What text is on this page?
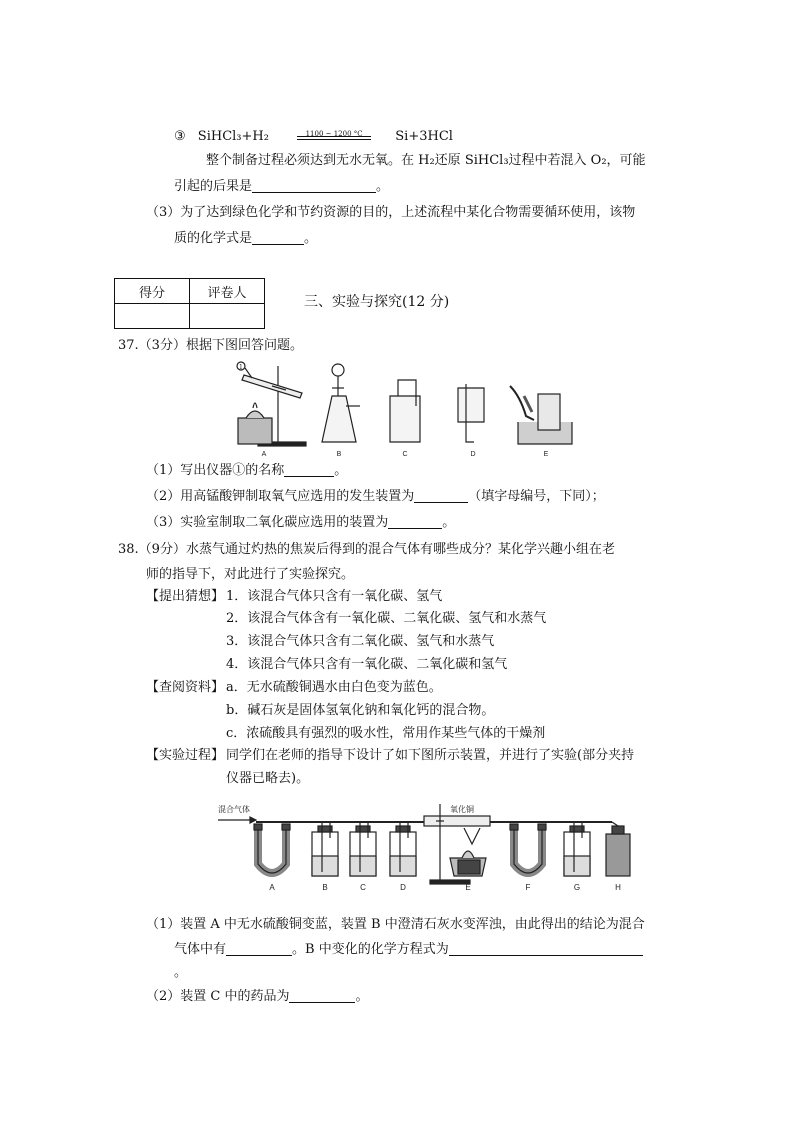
③ SiHCl₃+H₂	1100 ~ 1200 °C	Si+3HCl
整个制备过程必须达到无水无氧。在 H₂还原 SiHCl₃过程中若混入 O₂，可能
引起的后果是	。
（3）为了达到绿色化学和节约资源的目的，上述流程中某化合物需要循环使用，该物
质的化学式是	。
得分	评卷人

三、实验与探究(12 分)
37.（3分）根据下图回答问题。
1
A	B	C	D	E
（1）写出仪器①的名称	。
（2）用高锰酸钾制取氧气应选用的发生装置为	（填字母编号，下同）；
（3）实验室制取二氧化碳应选用的装置为	。
38.（9分）水蒸气通过灼热的焦炭后得到的混合气体有哪些成分？某化学兴趣小组在老
师的指导下，对此进行了实验探究。
【提出猜想】 1．该混合气体只含有一氧化碳、氢气
2．该混合气体含有一氧化碳、二氧化碳、氢气和水蒸气
3．该混合气体只含有二氧化碳、氢气和水蒸气
4．该混合气体只含有一氧化碳、二氧化碳和氢气
【查阅资料】 a．无水硫酸铜遇水由白色变为蓝色。
b．碱石灰是固体氢氧化钠和氧化钙的混合物。
c．浓硫酸具有强烈的吸水性，常用作某些气体的干燥剂
【实验过程】 同学们在老师的指导下设计了如下图所示装置，并进行了实验(部分夹持
仪器已略去)。
混合气体	氧化铜
A	B	C	D	E	F	G	H
（1）装置 A 中无水硫酸铜变蓝，装置 B 中澄清石灰水变浑浊，由此得出的结论为混合
气体中有	。B 中变化的化学方程式为
。
（2）装置 C 中的药品为	。
